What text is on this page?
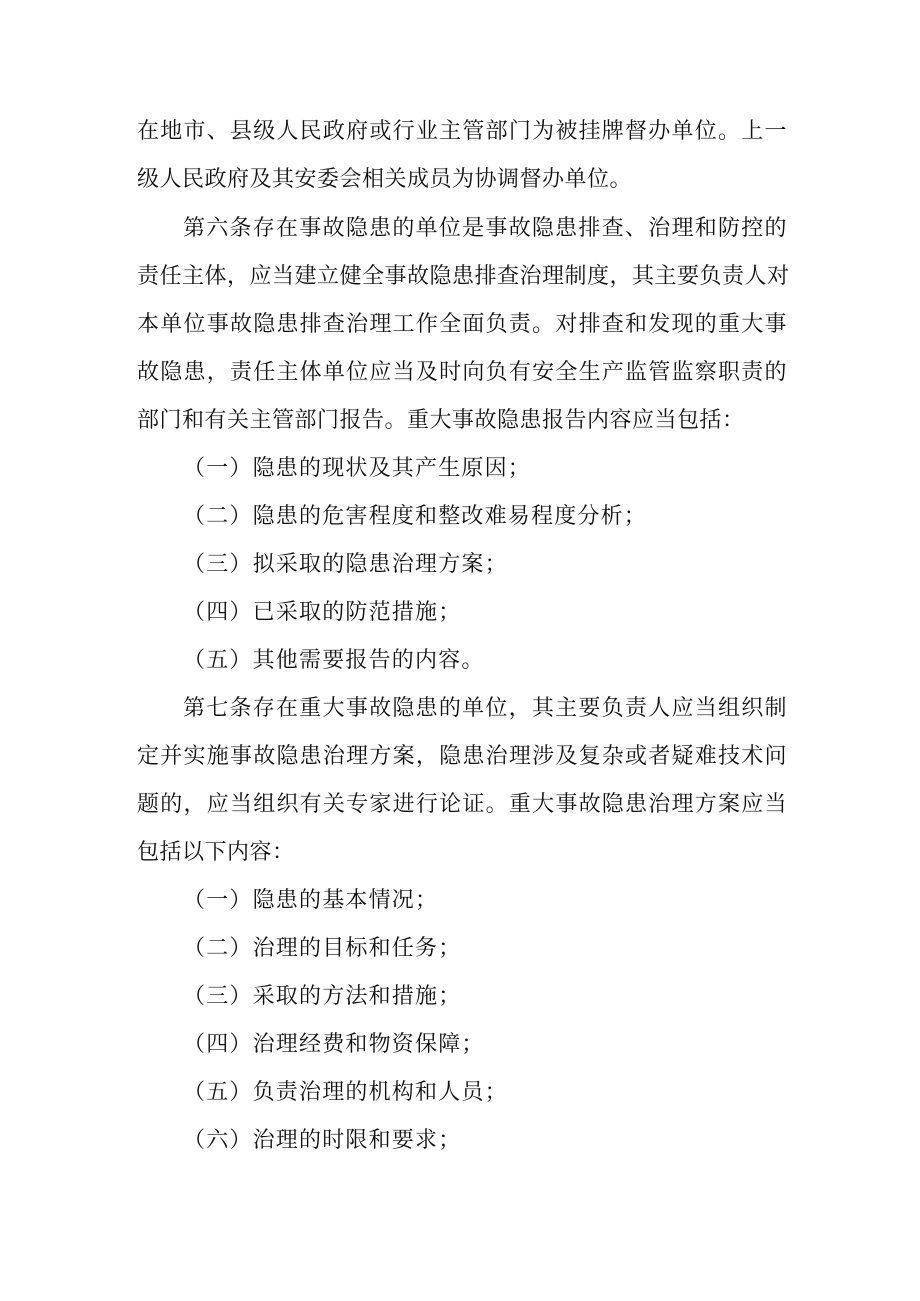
在地市、县级人民政府或行业主管部门为被挂牌督办单位。上一
级人民政府及其安委会相关成员为协调督办单位。
第六条存在事故隐患的单位是事故隐患排查、治理和防控的
责任主体，应当建立健全事故隐患排查治理制度，其主要负责人对
本单位事故隐患排查治理工作全面负责。对排查和发现的重大事
故隐患，责任主体单位应当及时向负有安全生产监管监察职责的
部门和有关主管部门报告。重大事故隐患报告内容应当包括：
（一）隐患的现状及其产生原因；
（二）隐患的危害程度和整改难易程度分析；
（三）拟采取的隐患治理方案；
（四）已采取的防范措施；
（五）其他需要报告的内容。
第七条存在重大事故隐患的单位，其主要负责人应当组织制
定并实施事故隐患治理方案，隐患治理涉及复杂或者疑难技术问
题的，应当组织有关专家进行论证。重大事故隐患治理方案应当
包括以下内容：
（一）隐患的基本情况；
（二）治理的目标和任务；
（三）采取的方法和措施；
（四）治理经费和物资保障；
（五）负责治理的机构和人员；
（六）治理的时限和要求；
